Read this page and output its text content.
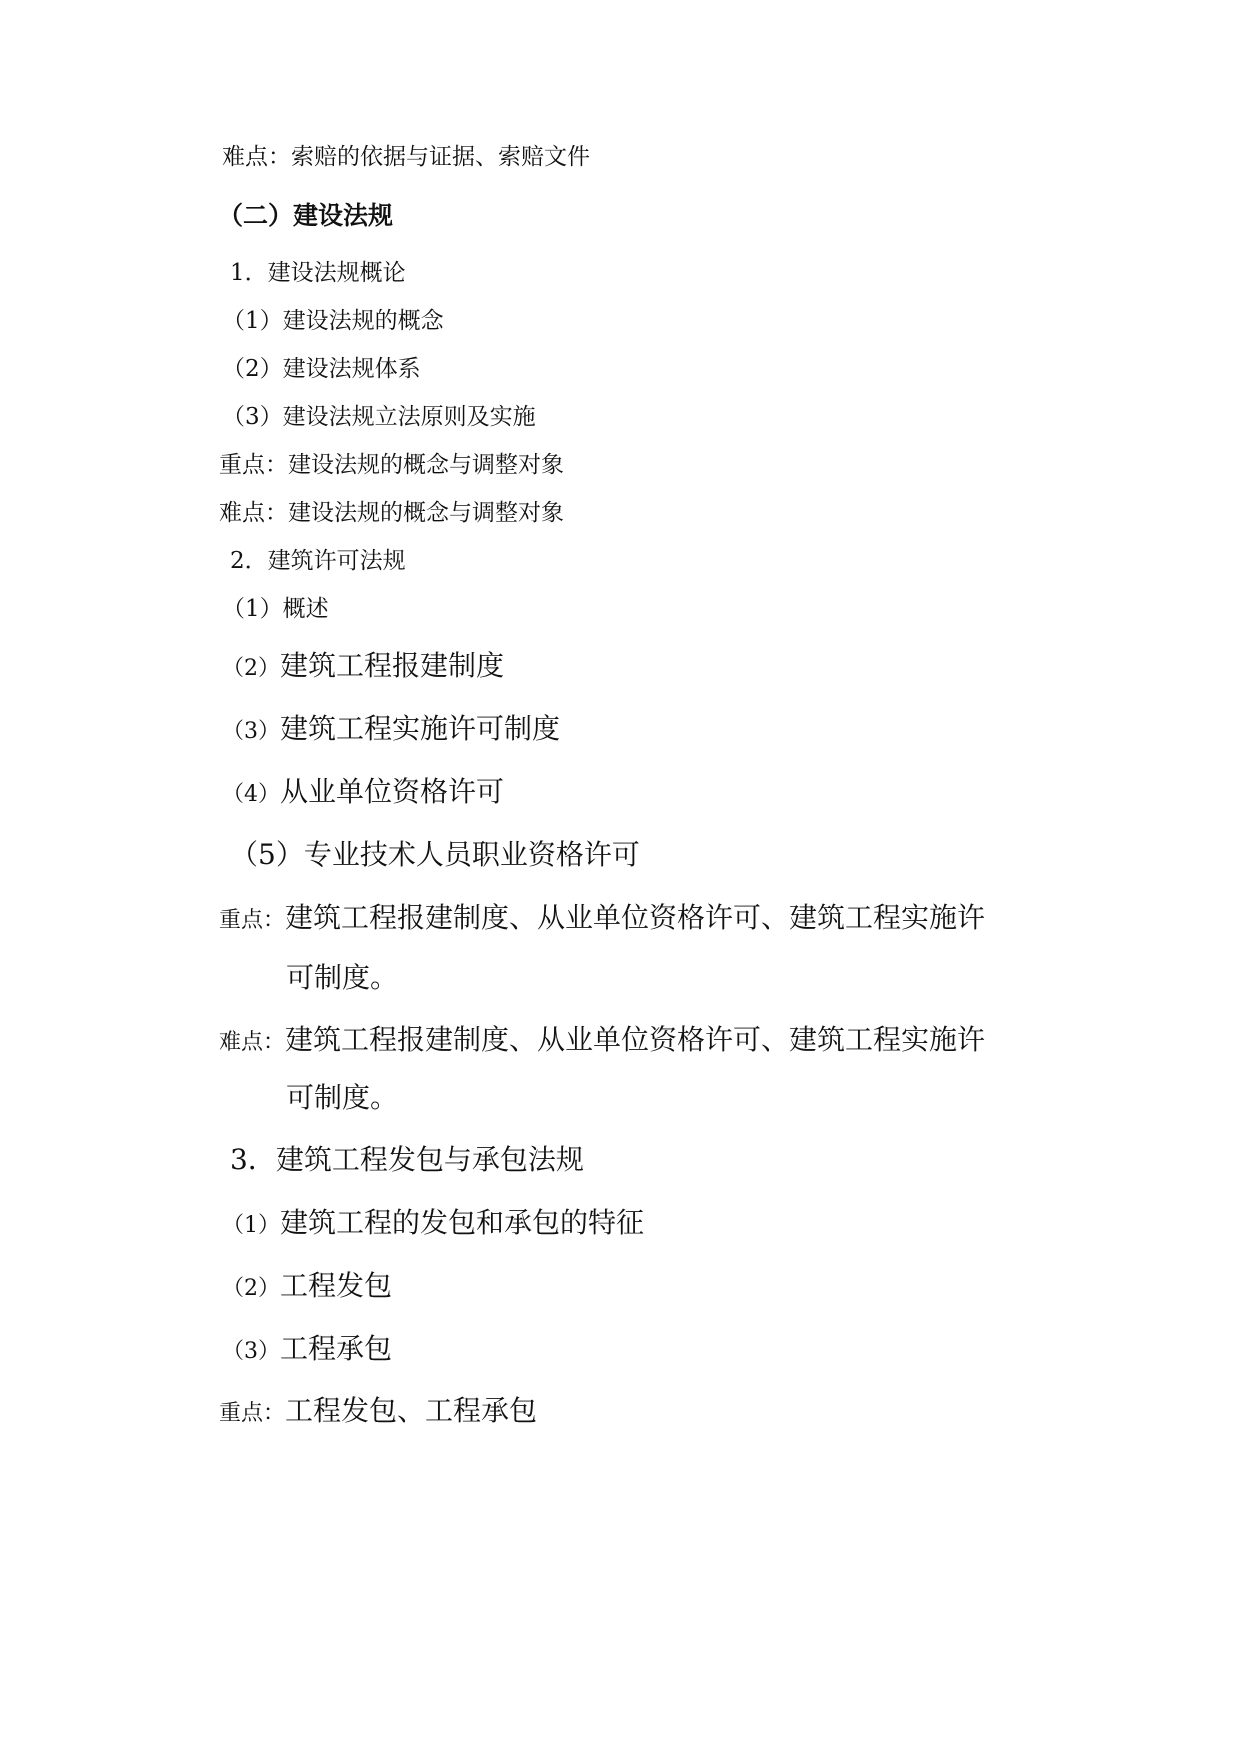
难点：索赔的依据与证据、索赔文件
（二）建设法规
1．建设法规概论
（1）建设法规的概念
（2）建设法规体系
（3）建设法规立法原则及实施
重点：建设法规的概念与调整对象
难点：建设法规的概念与调整对象
2．建筑许可法规
（1）概述
（2）建筑工程报建制度
（3）建筑工程实施许可制度
（4）从业单位资格许可
（5）专业技术人员职业资格许可
重点：建筑工程报建制度、从业单位资格许可、建筑工程实施许
可制度。
难点：建筑工程报建制度、从业单位资格许可、建筑工程实施许
可制度。
3．建筑工程发包与承包法规
（1）建筑工程的发包和承包的特征
（2）工程发包
（3）工程承包
重点：工程发包、工程承包
